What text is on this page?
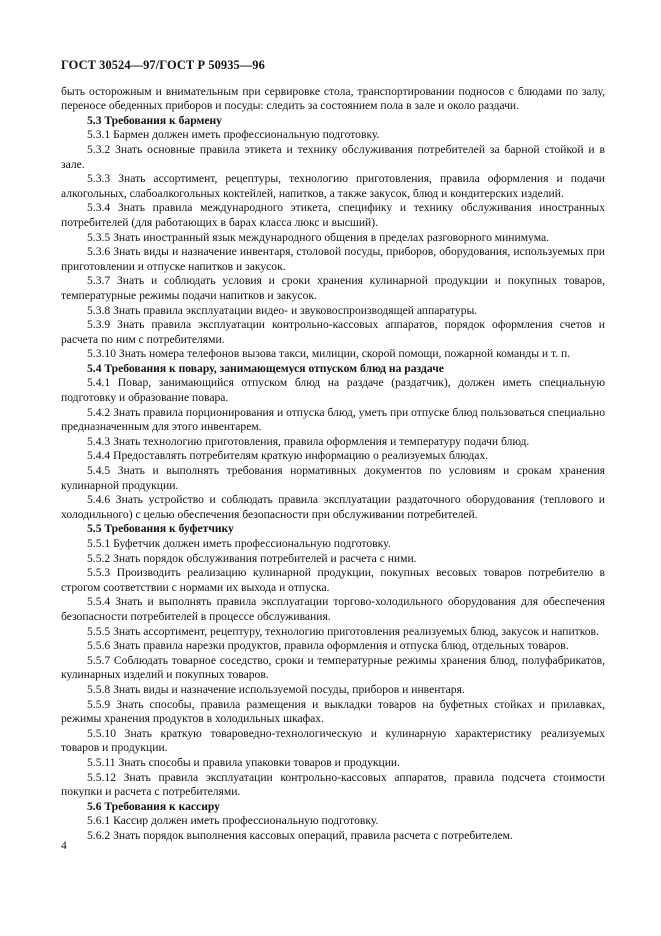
ГОСТ 30524—97/ГОСТ Р 50935—96

быть осторожным и внимательным при сервировке стола, транспортировании подносов с блюдами по залу, переносе обеденных приборов и посуды: следить за состоянием пола в зале и около раздачи.

5.3 Требования к бармену

5.3.1 Бармен должен иметь профессиональную подготовку.

5.3.2 Знать основные правила этикета и технику обслуживания потребителей за барной стойкой и в зале.

5.3.3 Знать ассортимент, рецептуры, технологию приготовления, правила оформления и подачи алкогольных, слабоалкогольных коктейлей, напитков, а также закусок, блюд и кондитерских изделий.

5.3.4 Знать правила международного этикета, специфику и технику обслуживания иностранных потребителей (для работающих в барах класса люкс и высший).

5.3.5 Знать иностранный язык международного общения в пределах разговорного минимума.

5.3.6 Знать виды и назначение инвентаря, столовой посуды, приборов, оборудования, используемых при приготовлении и отпуске напитков и закусок.

5.3.7 Знать и соблюдать условия и сроки хранения кулинарной продукции и покупных товаров, температурные режимы подачи напитков и закусок.

5.3.8 Знать правила эксплуатации видео- и звуковоспроизводящей аппаратуры.

5.3.9 Знать правила эксплуатации контрольно-кассовых аппаратов, порядок оформления счетов и расчета по ним с потребителями.

5.3.10 Знать номера телефонов вызова такси, милиции, скорой помощи, пожарной команды и т. п.

5.4 Требования к повару, занимающемуся отпуском блюд на раздаче

5.4.1 Повар, занимающийся отпуском блюд на раздаче (раздатчик), должен иметь специальную подготовку и образование повара.

5.4.2 Знать правила порционирования и отпуска блюд, уметь при отпуске блюд пользоваться специально предназначенным для этого инвентарем.

5.4.3 Знать технологию приготовления, правила оформления и температуру подачи блюд.

5.4.4 Предоставлять потребителям краткую информацию о реализуемых блюдах.

5.4.5 Знать и выполнять требования нормативных документов по условиям и срокам хранения кулинарной продукции.

5.4.6 Знать устройство и соблюдать правила эксплуатации раздаточного оборудования (теплового и холодильного) с целью обеспечения безопасности при обслуживании потребителей.

5.5 Требования к буфетчику

5.5.1 Буфетчик должен иметь профессиональную подготовку.

5.5.2 Знать порядок обслуживания потребителей и расчета с ними.

5.5.3 Производить реализацию кулинарной продукции, покупных весовых товаров потребителю в строгом соответствии с нормами их выхода и отпуска.

5.5.4 Знать и выполнять правила эксплуатации торгово-холодильного оборудования для обеспечения безопасности потребителей в процессе обслуживания.

5.5.5 Знать ассортимент, рецептуру, технологию приготовления реализуемых блюд, закусок и напитков.

5.5.6 Знать правила нарезки продуктов, правила оформления и отпуска блюд, отдельных товаров.

5.5.7 Соблюдать товарное соседство, сроки и температурные режимы хранения блюд, полуфабрикатов, кулинарных изделий и покупных товаров.

5.5.8 Знать виды и назначение используемой посуды, приборов и инвентаря.

5.5.9 Знать способы, правила размещения и выкладки товаров на буфетных стойках и прилавках, режимы хранения продуктов в холодильных шкафах.

5.5.10 Знать краткую товароведно-технологическую и кулинарную характеристику реализуемых товаров и продукции.

5.5.11 Знать способы и правила упаковки товаров и продукции.

5.5.12 Знать правила эксплуатации контрольно-кассовых аппаратов, правила подсчета стоимости покупки и расчета с потребителями.

5.6 Требования к кассиру

5.6.1 Кассир должен иметь профессиональную подготовку.

5.6.2 Знать порядок выполнения кассовых операций, правила расчета с потребителем.

4
